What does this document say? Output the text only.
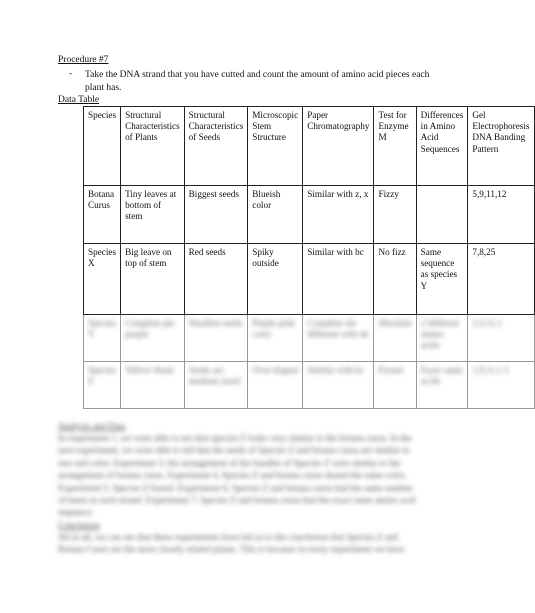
Procedure #7
- Take the DNA strand that you have cutted and count the amount of amino acid pieces each plant has.
Data Table
Species	Structural Characteristics of Plants	Structural Characteristics of Seeds	Microscopic Stem Structure	Paper Chromatography	Test for Enzyme M	Differences in Amino Acid Sequences	Gel Electrophoresis DNA Banding Pattern
Botana Curus	Tiny leaves at bottom of stem	Biggest seeds	Blueish color	Similar with z, x	Fizzy		5,9,11,12
Species X	Big leave on top of stem	Red seeds	Spiky outside	Similar with bc	No fizz	Same sequence as species Y	7,8,25
Species Y	Complete ple purple	Smallest seeds	Purple pink color	Complete ele different with ab	Absolute	2 different amino acids	1,5,11,1
Species Z	Yellow blush	Seeds are medium sized	Oval shaped	Similar with bc	Fizzed	Exact same as bb	1,9,11,1 2
Analysis and Data
In experiment 1, we were able to see that species Z looks very similar to the botana curus. In the next experiment, we were able to tell that the seeds of Species Z and botana curus are similar in size and color. Experiment 3, the arrangement of the bundles of Species Z were similar to the arrangement of botana curus. Experiment 4, Species Z and botana curus shared the same color. Experiment 5, Species Z fizzed. Experiment 6, Species Z and botana curus had the same number of bases in each strand. Experiment 7, Species Z and botana curus had the exact same amino acid sequence.
Conclusion
All in all, we can see that these experiments have led us to the conclusion that Species Z and Botana Curus are the most closely related plants. This is because in every experiment we have
